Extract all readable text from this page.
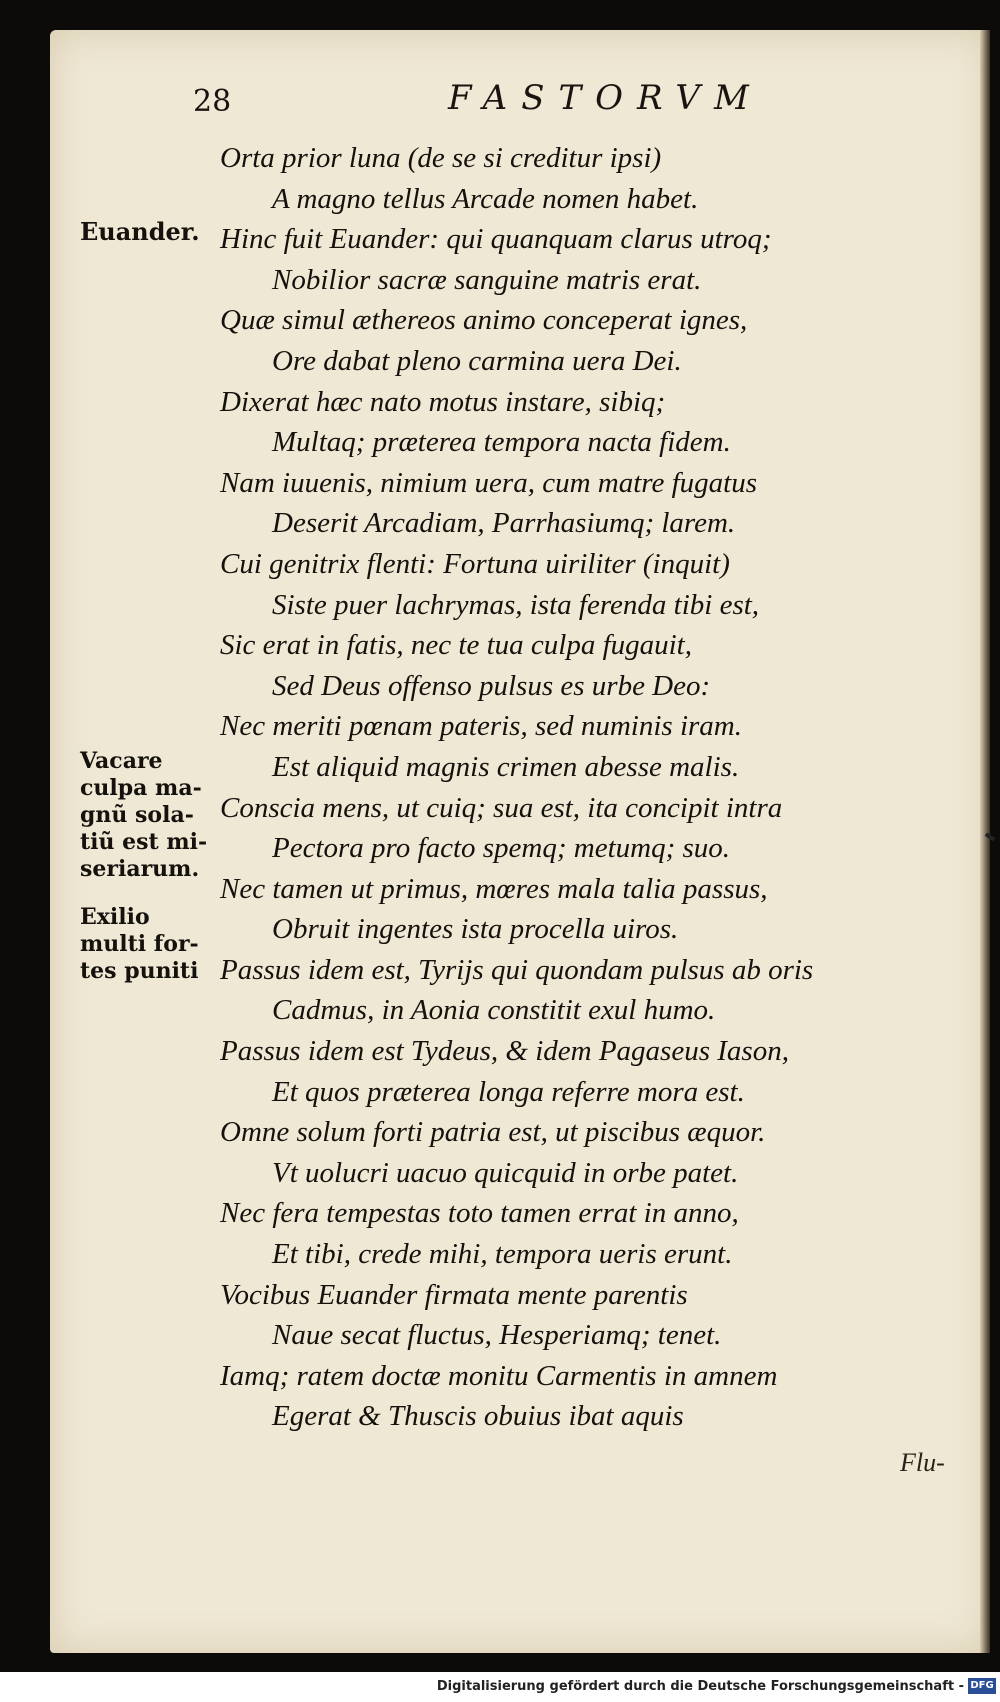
28	FASTORVM
Orta prior luna (de se si creditur ipsi)
A magno tellus Arcade nomen habet.
Hinc fuit Euander: qui quanquam clarus utroq;
Nobilior sacræ sanguine matris erat.
Quæ simul æthereos animo conceperat ignes,
Ore dabat pleno carmina uera Dei.
Dixerat hæc nato motus instare, sibiq;
Multaq; præterea tempora nacta fidem.
Nam iuuenis, nimium uera, cum matre fugatus
Deserit Arcadiam, Parrhasiumq; larem.
Cui genitrix flenti: Fortuna uiriliter (inquit)
Siste puer lachrymas, ista ferenda tibi est,
Sic erat in fatis, nec te tua culpa fugauit,
Sed Deus offenso pulsus es urbe Deo:
Nec meriti pœnam pateris, sed numinis iram.
Est aliquid magnis crimen abesse malis.
Conscia mens, ut cuiq; sua est, ita concipit intra
Pectora pro facto spemq; metumq; suo.
Nec tamen ut primus, mœres mala talia passus,
Obruit ingentes ista procella uiros.
Passus idem est, Tyrijs qui quondam pulsus ab oris
Cadmus, in Aonia constitit exul humo.
Passus idem est Tydeus, & idem Pagaseus Iason,
Et quos præterea longa referre mora est.
Omne solum forti patria est, ut piscibus æquor.
Vt uolucri uacuo quicquid in orbe patet.
Nec fera tempestas toto tamen errat in anno,
Et tibi, crede mihi, tempora ueris erunt.
Vocibus Euander firmata mente parentis
Naue secat fluctus, Hesperiamq; tenet.
Iamq; ratem doctæ monitu Carmentis in amnem
Egerat & Thuscis obuius ibat aquis
Euander.
Vacare
culpa ma-
gnũ sola-
tiũ est mi-
seriarum.
Exilio
multi for-
tes puniti
Flu-
Digitalisierung gefördert durch die Deutsche Forschungsgemeinschaft - DFG
